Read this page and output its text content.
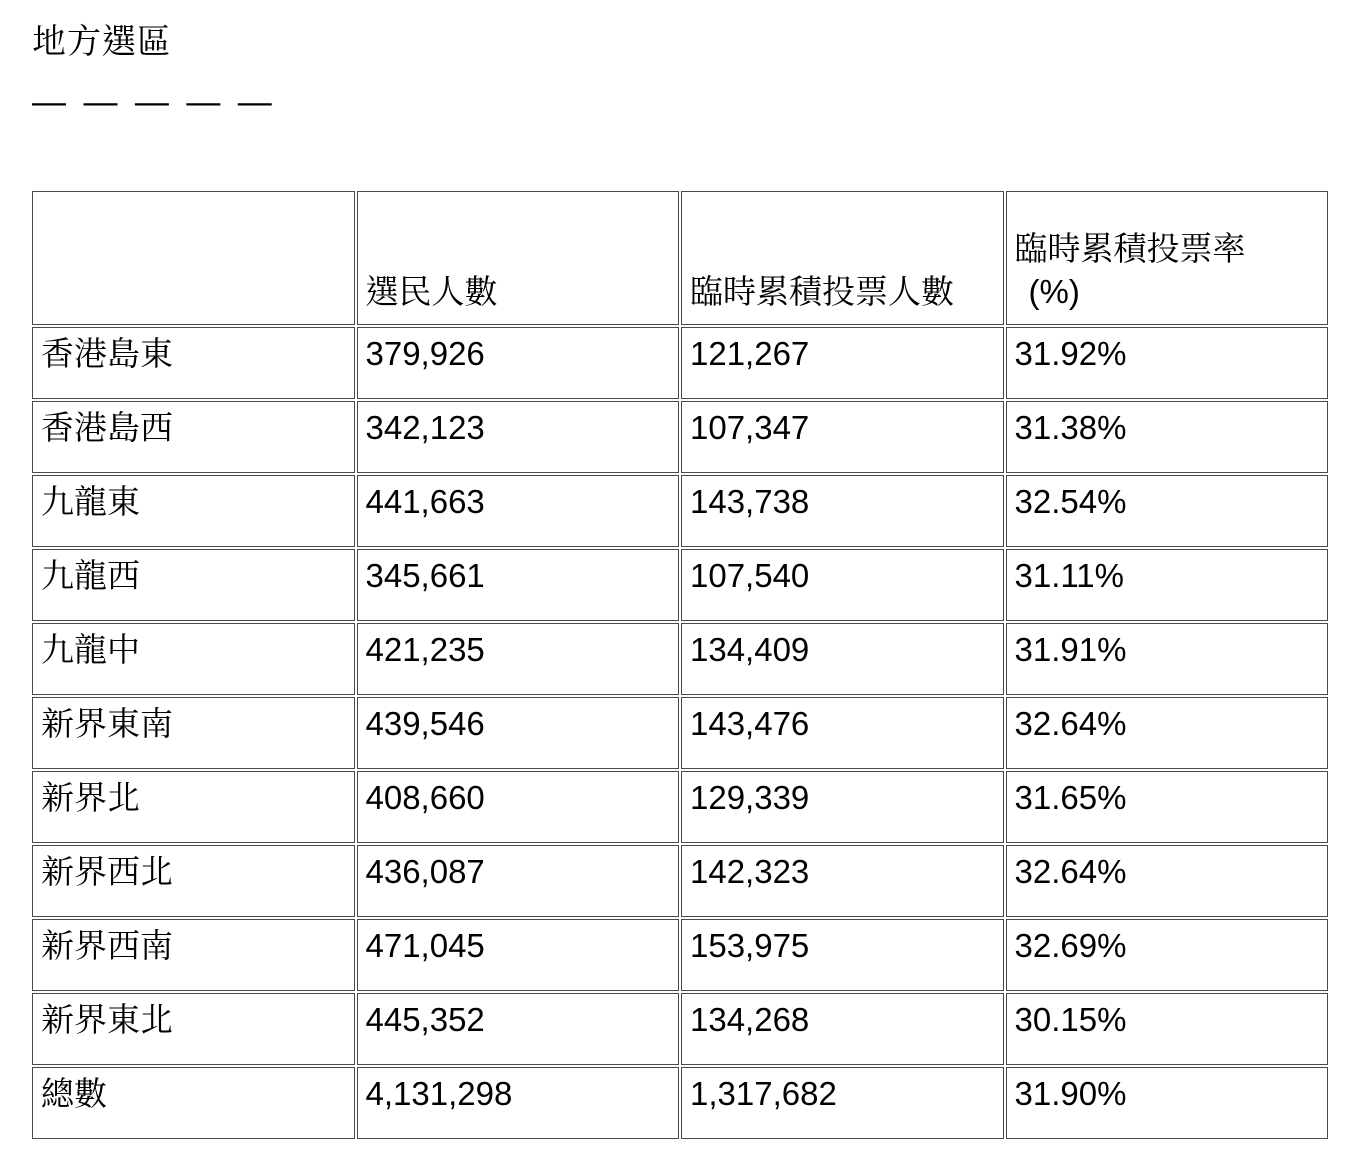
地方選區
— — — — —
	選民人數	臨時累積投票人數	臨時累積投票率
(%)

香港島東	379,926	121,267	31.92%
香港島西	342,123	107,347	31.38%
九龍東	441,663	143,738	32.54%
九龍西	345,661	107,540	31.11%
九龍中	421,235	134,409	31.91%
新界東南	439,546	143,476	32.64%
新界北	408,660	129,339	31.65%
新界西北	436,087	142,323	32.64%
新界西南	471,045	153,975	32.69%
新界東北	445,352	134,268	30.15%
總數	4,131,298	1,317,682	31.90%
